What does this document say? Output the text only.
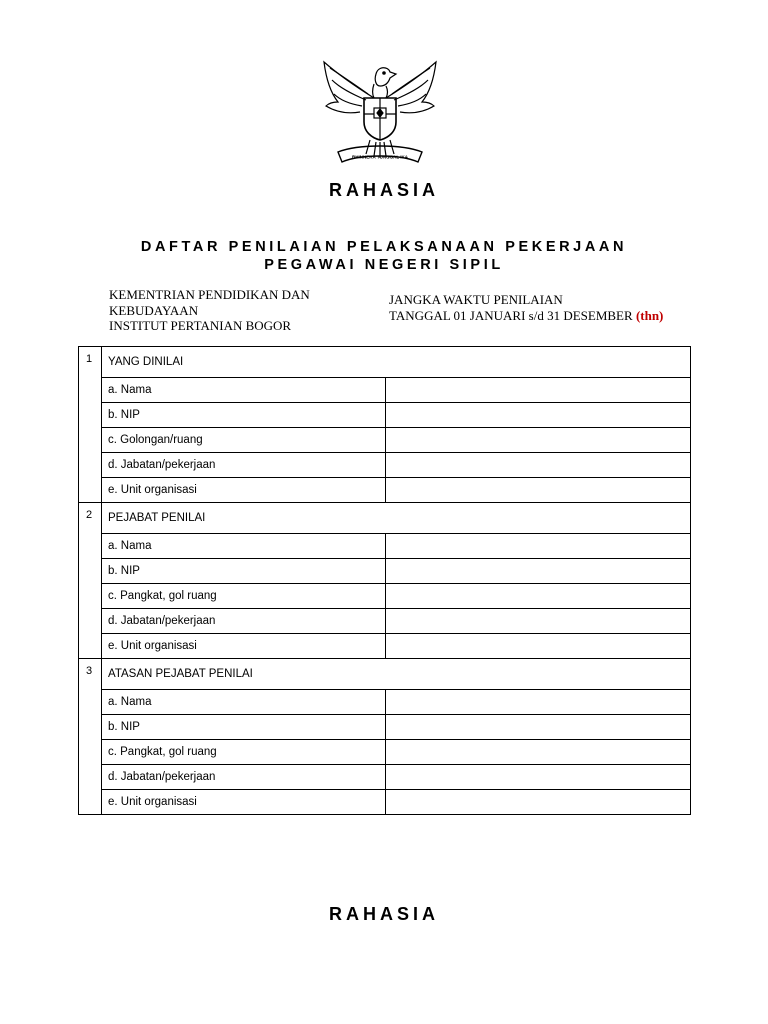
BHINNEKA TUNGGAL IKA
RAHASIA
DAFTAR PENILAIAN PELAKSANAAN PEKERJAAN
PEGAWAI NEGERI SIPIL
KEMENTRIAN PENDIDIKAN DAN
KEBUDAYAAN
INSTITUT PERTANIAN BOGOR
JANGKA WAKTU PENILAIAN
TANGGAL 01 JANUARI s/d 31 DESEMBER (thn)
1	YANG DINILAI	
	a. Nama	
	b. NIP	
	c. Golongan/ruang	
	d. Jabatan/pekerjaan	
	e. Unit organisasi	
2	PEJABAT PENILAI	
	a. Nama	
	b. NIP	
	c. Pangkat, gol ruang	
	d. Jabatan/pekerjaan	
	e. Unit organisasi	
3	ATASAN PEJABAT PENILAI	
	a. Nama	
	b. NIP	
	c. Pangkat, gol ruang	
	d. Jabatan/pekerjaan	
	e. Unit organisasi	
RAHASIA
